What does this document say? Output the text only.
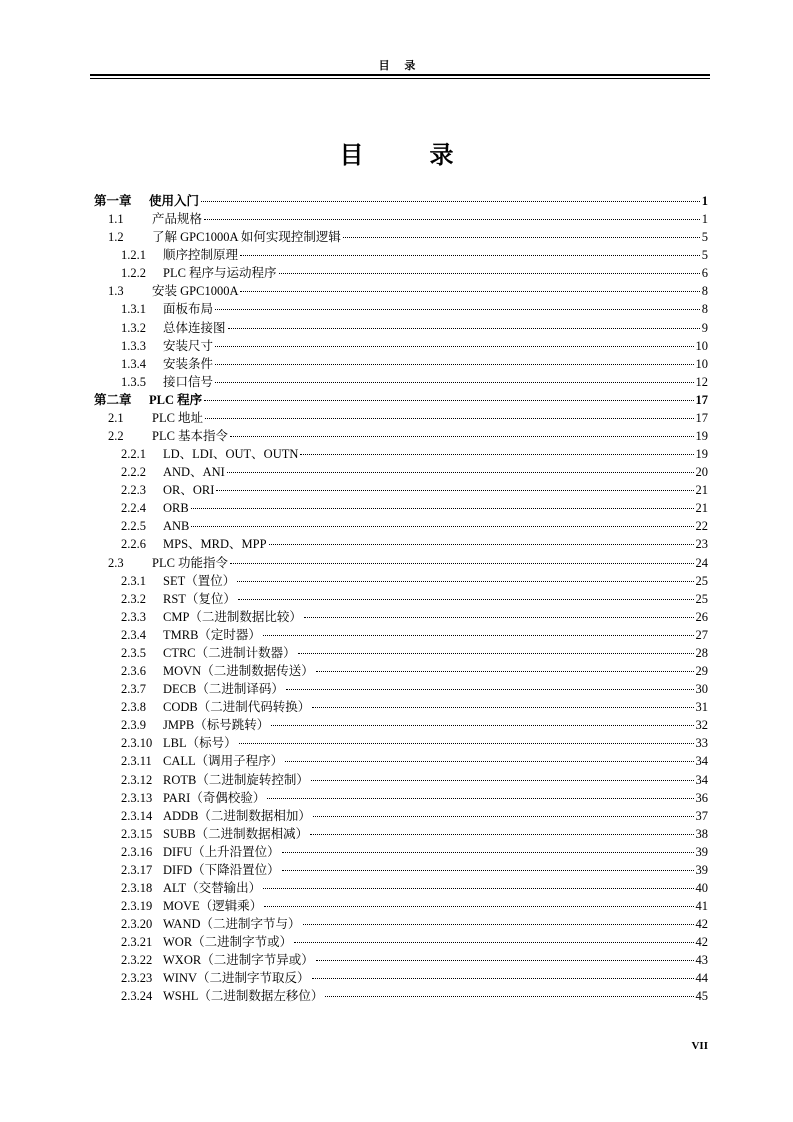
目 录
目 录
第一章	使用入门	1
1.1	产品规格	1
1.2	了解 GPC1000A 如何实现控制逻辑	5
1.2.1	顺序控制原理	5
1.2.2	PLC 程序与运动程序	6
1.3	安装 GPC1000A	8
1.3.1	面板布局	8
1.3.2	总体连接图	9
1.3.3	安装尺寸	10
1.3.4	安装条件	10
1.3.5	接口信号	12
第二章	PLC 程序	17
2.1	PLC 地址	17
2.2	PLC 基本指令	19
2.2.1	LD、LDI、OUT、OUTN	19
2.2.2	AND、ANI	20
2.2.3	OR、ORI	21
2.2.4	ORB	21
2.2.5	ANB	22
2.2.6	MPS、MRD、MPP	23
2.3	PLC 功能指令	24
2.3.1	SET（置位）	25
2.3.2	RST（复位）	25
2.3.3	CMP（二进制数据比较）	26
2.3.4	TMRB（定时器）	27
2.3.5	CTRC（二进制计数器）	28
2.3.6	MOVN（二进制数据传送）	29
2.3.7	DECB（二进制译码）	30
2.3.8	CODB（二进制代码转换）	31
2.3.9	JMPB（标号跳转）	32
2.3.10 LBL（标号）	33
2.3.11 CALL（调用子程序）	34
2.3.12 ROTB（二进制旋转控制）	34
2.3.13 PARI（奇偶校验）	36
2.3.14 ADDB（二进制数据相加）	37
2.3.15 SUBB（二进制数据相减）	38
2.3.16 DIFU（上升沿置位）	39
2.3.17 DIFD（下降沿置位）	39
2.3.18 ALT（交替输出）	40
2.3.19 MOVE（逻辑乘）	41
2.3.20 WAND（二进制字节与）	42
2.3.21 WOR（二进制字节或）	42
2.3.22 WXOR（二进制字节异或）	43
2.3.23 WINV（二进制字节取反）	44
2.3.24 WSHL（二进制数据左移位）	45
VII
